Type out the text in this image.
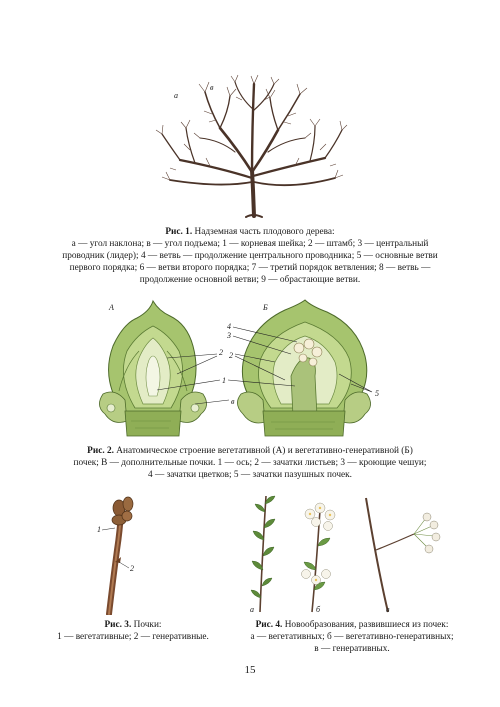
а
в
Рис. 1. Надземная часть плодового дерева:
а — угол наклона; в — угол подъема; 1 — корневая шейка; 2 — штамб; 3 — центральный
проводник (лидер); 4 — ветвь — продолжение центрального проводника; 5 — основные ветви
первого порядка; 6 — ветви второго порядка; 7 — третий порядок ветвления; 8 — ветвь —
продолжение основной ветви; 9 — обрастающие ветви.
А	Б
4
3
2 2
1
5
в
Рис. 2. Анатомическое строение вегетативной (А) и вегетативно-генеративной (Б)
почек; В — дополнительные почки. 1 — ось; 2 — зачатки листьев; 3 — кроющие чешуи;
4 — зачатки цветков; 5 — зачатки пазушных почек.
1
2
Рис. 3. Почки:
1 — вегетативные; 2 — генеративные.
а	б	в
Рис. 4. Новообразования, развившиеся из почек:
а — вегетативных; б — вегетативно-генеративных;
в — генеративных.
15
